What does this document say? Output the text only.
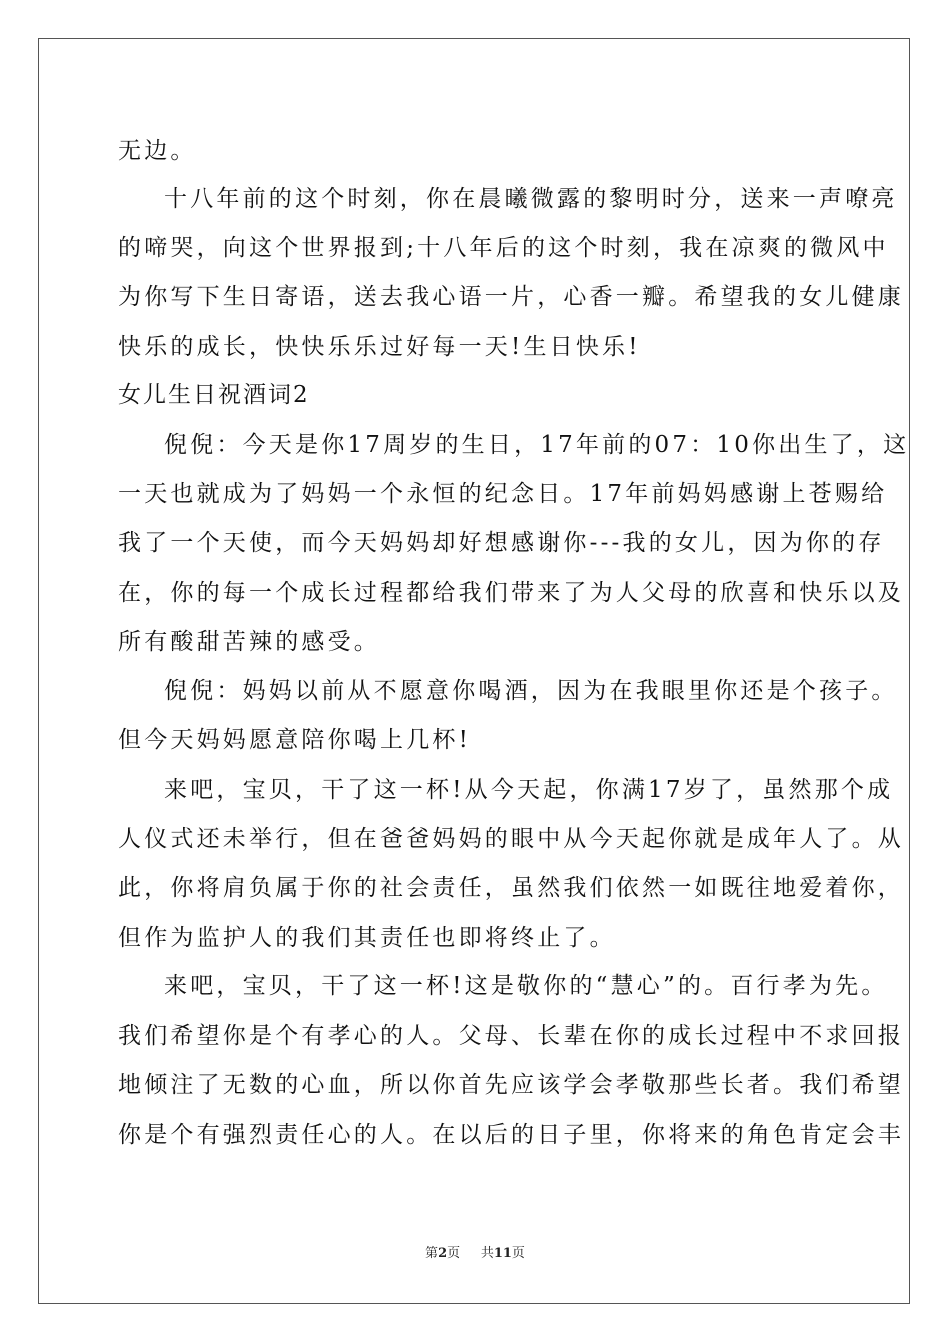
无边。
十八年前的这个时刻，你在晨曦微露的黎明时分，送来一声嘹亮
的啼哭，向这个世界报到;十八年后的这个时刻，我在凉爽的微风中
为你写下生日寄语，送去我心语一片，心香一瓣。希望我的女儿健康
快乐的成长，快快乐乐过好每一天!生日快乐!
女儿生日祝酒词2
倪倪：今天是你17周岁的生日，17年前的07：10你出生了，这
一天也就成为了妈妈一个永恒的纪念日。17年前妈妈感谢上苍赐给
我了一个天使，而今天妈妈却好想感谢你---我的女儿，因为你的存
在，你的每一个成长过程都给我们带来了为人父母的欣喜和快乐以及
所有酸甜苦辣的感受。
倪倪：妈妈以前从不愿意你喝酒，因为在我眼里你还是个孩子。
但今天妈妈愿意陪你喝上几杯!
来吧，宝贝，干了这一杯!从今天起，你满17岁了，虽然那个成
人仪式还未举行，但在爸爸妈妈的眼中从今天起你就是成年人了。从
此，你将肩负属于你的社会责任，虽然我们依然一如既往地爱着你，
但作为监护人的我们其责任也即将终止了。
来吧，宝贝，干了这一杯!这是敬你的“慧心”的。百行孝为先。
我们希望你是个有孝心的人。父母、长辈在你的成长过程中不求回报
地倾注了无数的心血，所以你首先应该学会孝敬那些长者。我们希望
你是个有强烈责任心的人。在以后的日子里，你将来的角色肯定会丰
第2页 共11页
